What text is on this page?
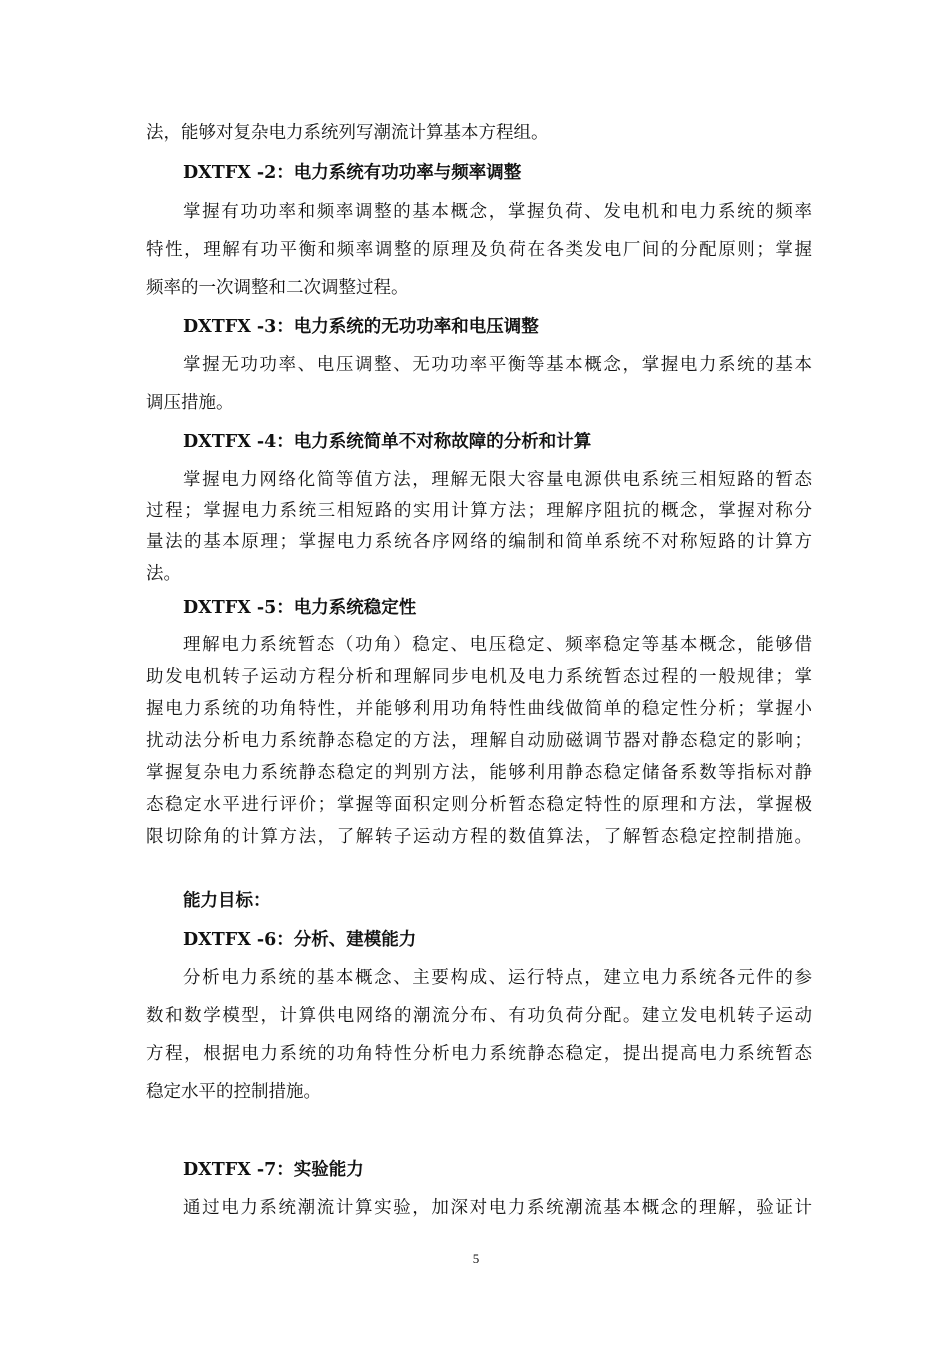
法，能够对复杂电力系统列写潮流计算基本方程组。
DXTFX -2：电力系统有功功率与频率调整
掌握有功功率和频率调整的基本概念，掌握负荷、发电机和电力系统的频率
特性，理解有功平衡和频率调整的原理及负荷在各类发电厂间的分配原则；掌握
频率的一次调整和二次调整过程。
DXTFX -3：电力系统的无功功率和电压调整
掌握无功功率、电压调整、无功功率平衡等基本概念，掌握电力系统的基本
调压措施。
DXTFX -4：电力系统简单不对称故障的分析和计算
掌握电力网络化简等值方法，理解无限大容量电源供电系统三相短路的暂态
过程；掌握电力系统三相短路的实用计算方法；理解序阻抗的概念，掌握对称分
量法的基本原理；掌握电力系统各序网络的编制和简单系统不对称短路的计算方
法。
DXTFX -5：电力系统稳定性
理解电力系统暂态（功角）稳定、电压稳定、频率稳定等基本概念，能够借
助发电机转子运动方程分析和理解同步电机及电力系统暂态过程的一般规律；掌
握电力系统的功角特性，并能够利用功角特性曲线做简单的稳定性分析；掌握小
扰动法分析电力系统静态稳定的方法，理解自动励磁调节器对静态稳定的影响；
掌握复杂电力系统静态稳定的判别方法，能够利用静态稳定储备系数等指标对静
态稳定水平进行评价；掌握等面积定则分析暂态稳定特性的原理和方法，掌握极
限切除角的计算方法，了解转子运动方程的数值算法，了解暂态稳定控制措施。
能力目标：
DXTFX -6：分析、建模能力
分析电力系统的基本概念、主要构成、运行特点，建立电力系统各元件的参
数和数学模型，计算供电网络的潮流分布、有功负荷分配。建立发电机转子运动
方程，根据电力系统的功角特性分析电力系统静态稳定，提出提高电力系统暂态
稳定水平的控制措施。
DXTFX -7：实验能力
通过电力系统潮流计算实验，加深对电力系统潮流基本概念的理解，验证计
5
